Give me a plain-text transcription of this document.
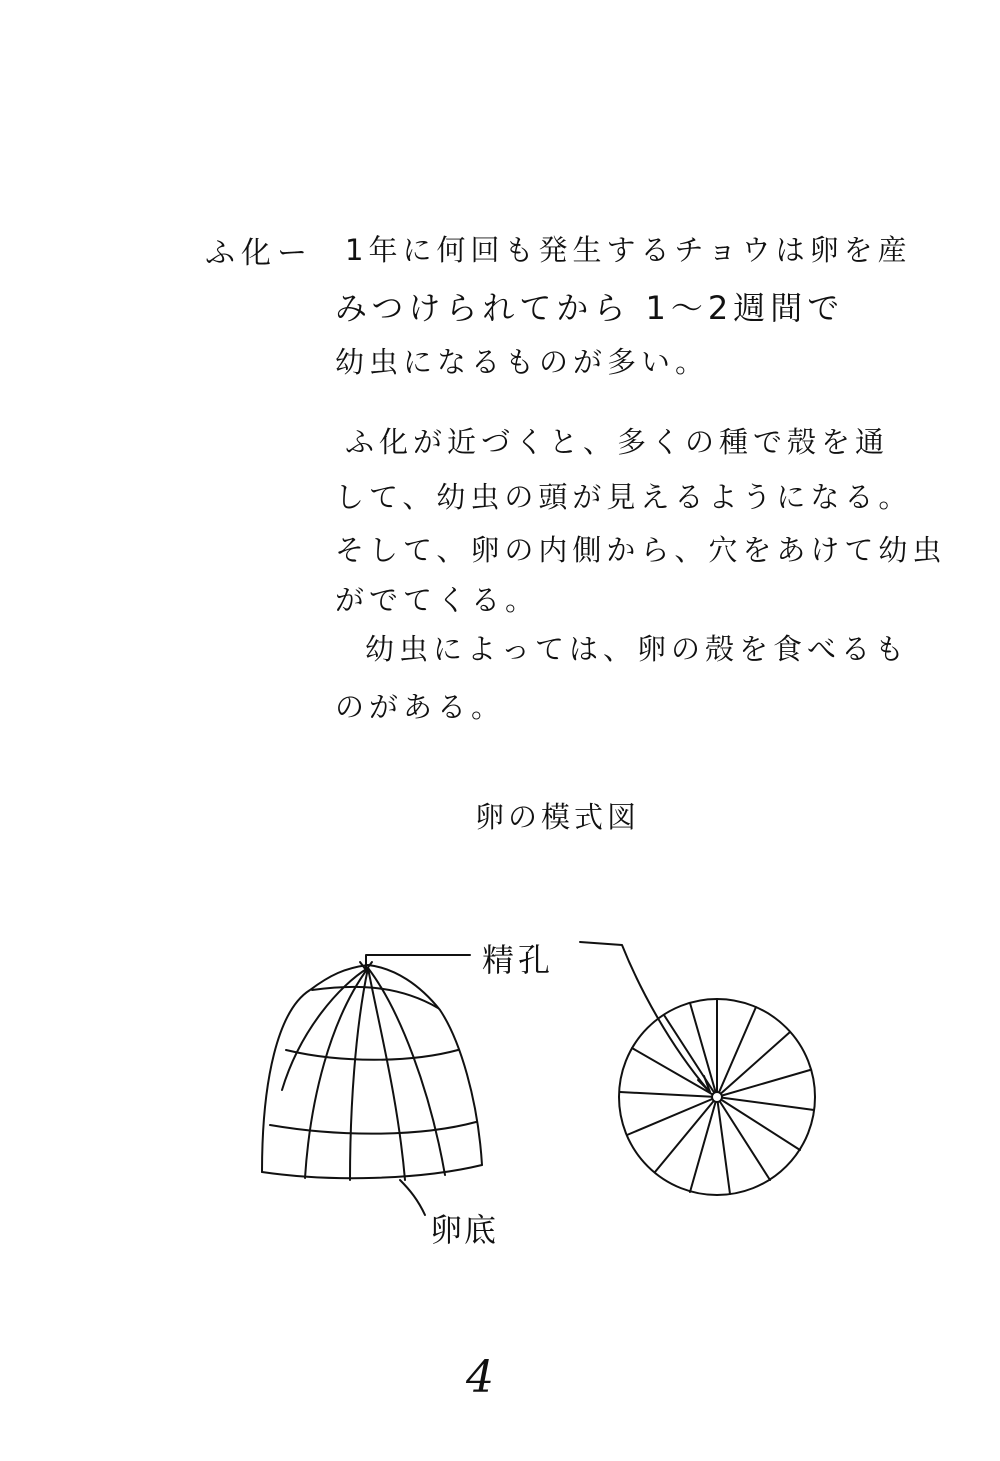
ふ化ー 1年に何回も発生するチョウは卵を産
みつけられてから 1〜2週間で
幼虫になるものが多い。
ふ化が近づくと、多くの種で殻を通
して、幼虫の頭が見えるようになる。
そして、卵の内側から、穴をあけて幼虫
がでてくる。
幼虫によっては、卵の殻を食べるも
のがある。
卵の模式図
精孔
卵底
4
